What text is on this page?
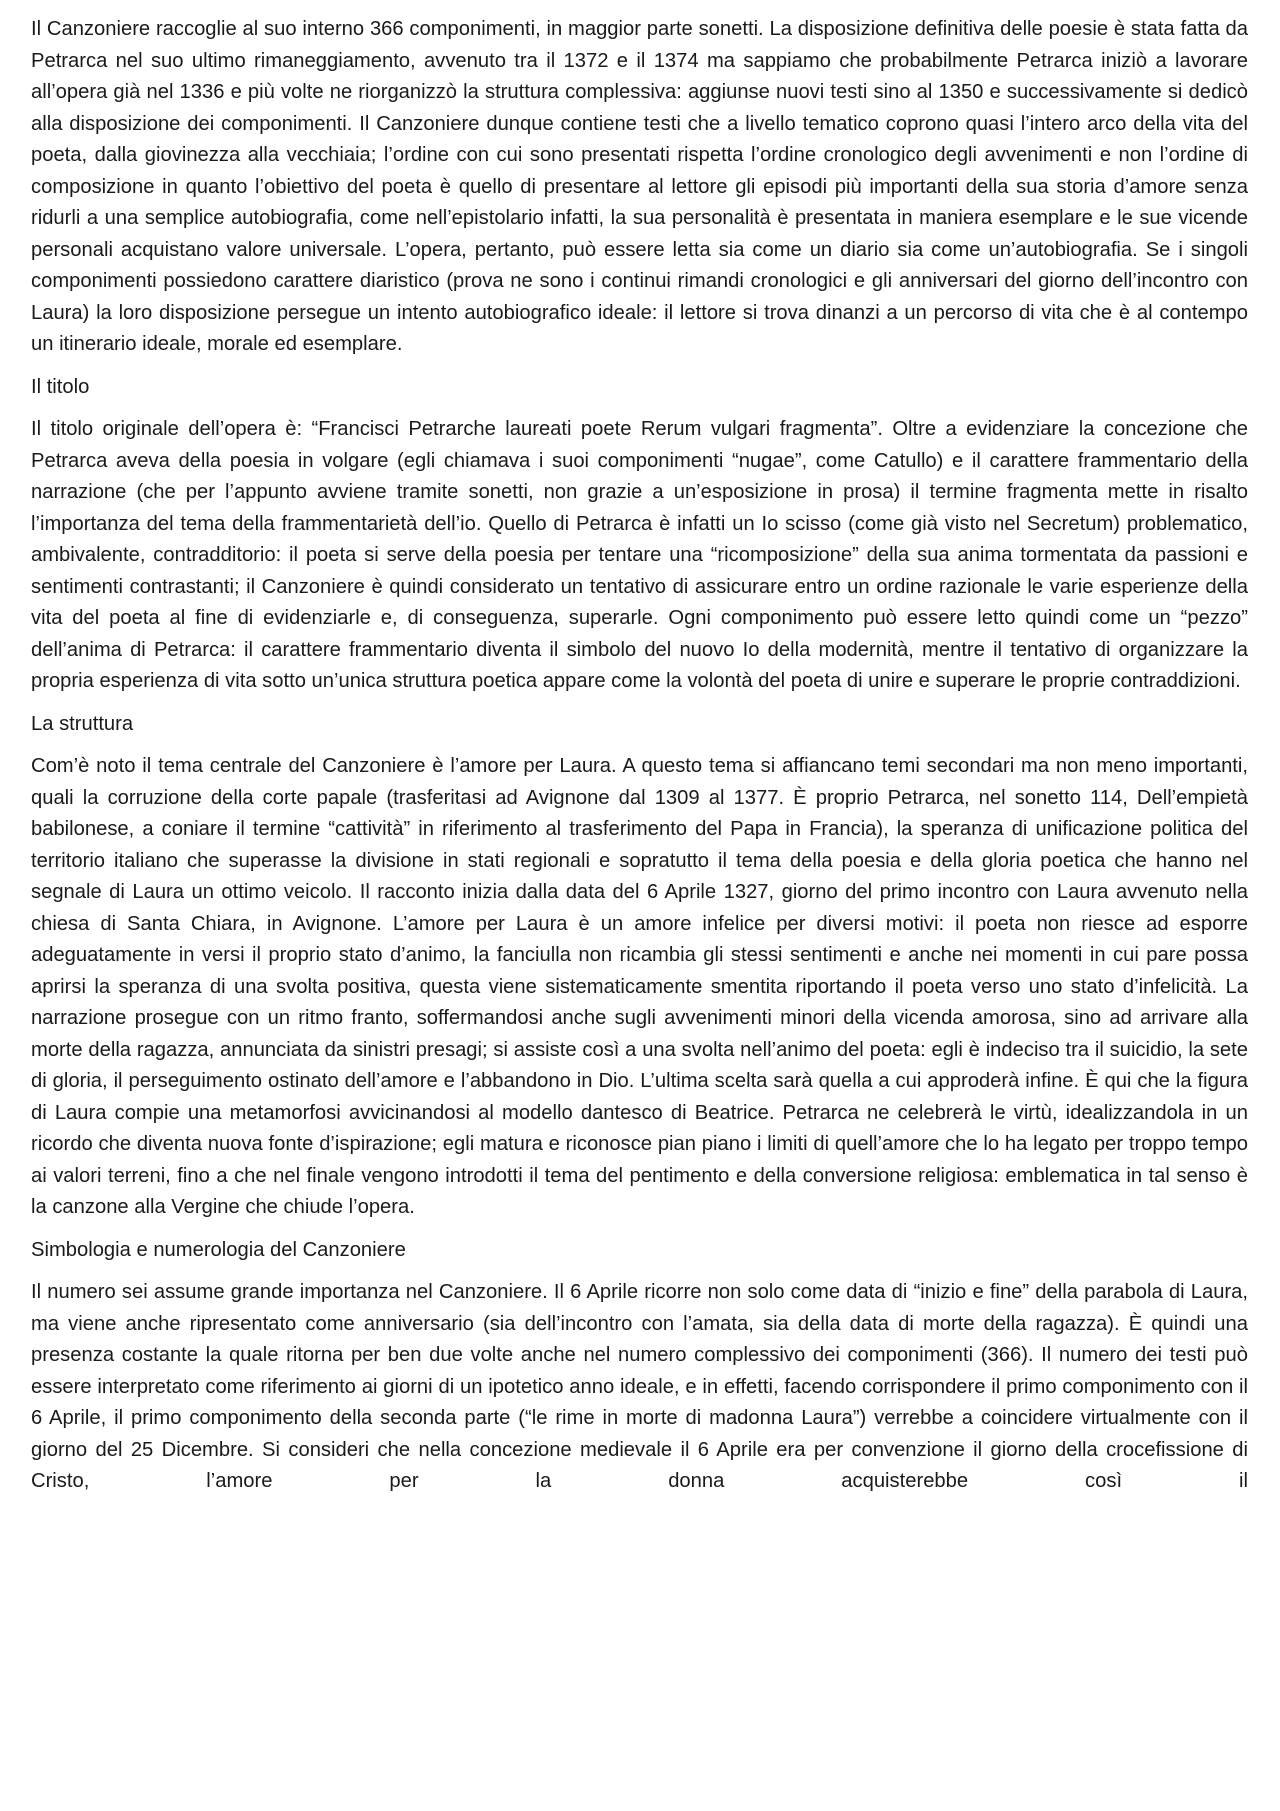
Il Canzoniere raccoglie al suo interno 366 componimenti, in maggior parte sonetti. La disposizione definitiva delle poesie è stata fatta da Petrarca nel suo ultimo rimaneggiamento, avvenuto tra il 1372 e il 1374 ma sappiamo che probabilmente Petrarca iniziò a lavorare all’opera già nel 1336 e più volte ne riorganizzò la struttura complessiva: aggiunse nuovi testi sino al 1350 e successivamente si dedicò alla disposizione dei componimenti. Il Canzoniere dunque contiene testi che a livello tematico coprono quasi l’intero arco della vita del poeta, dalla giovinezza alla vecchiaia; l’ordine con cui sono presentati rispetta l’ordine cronologico degli avvenimenti e non l’ordine di composizione in quanto l’obiettivo del poeta è quello di presentare al lettore gli episodi più importanti della sua storia d’amore senza ridurli a una semplice autobiografia, come nell’epistolario infatti, la sua personalità è presentata in maniera esemplare e le sue vicende personali acquistano valore universale. L’opera, pertanto, può essere letta sia come un diario sia come un’autobiografia. Se i singoli componimenti possiedono carattere diaristico (prova ne sono i continui rimandi cronologici e gli anniversari del giorno dell’incontro con Laura) la loro disposizione persegue un intento autobiografico ideale: il lettore si trova dinanzi a un percorso di vita che è al contempo un itinerario ideale, morale ed esemplare.

Il titolo

Il titolo originale dell’opera è: “Francisci Petrarche laureati poete Rerum vulgari fragmenta”. Oltre a evidenziare la concezione che Petrarca aveva della poesia in volgare (egli chiamava i suoi componimenti “nugae”, come Catullo) e il carattere frammentario della narrazione (che per l’appunto avviene tramite sonetti, non grazie a un’esposizione in prosa) il termine fragmenta mette in risalto l’importanza del tema della frammentarietà dell’io. Quello di Petrarca è infatti un Io scisso (come già visto nel Secretum) problematico, ambivalente, contradditorio: il poeta si serve della poesia per tentare una “ricomposizione” della sua anima tormentata da passioni e sentimenti contrastanti; il Canzoniere è quindi considerato un tentativo di assicurare entro un ordine razionale le varie esperienze della vita del poeta al fine di evidenziarle e, di conseguenza, superarle. Ogni componimento può essere letto quindi come un “pezzo” dell’anima di Petrarca: il carattere frammentario diventa il simbolo del nuovo Io della modernità, mentre il tentativo di organizzare la propria esperienza di vita sotto un’unica struttura poetica appare come la volontà del poeta di unire e superare le proprie contraddizioni.

La struttura

Com’è noto il tema centrale del Canzoniere è l’amore per Laura. A questo tema si affiancano temi secondari ma non meno importanti, quali la corruzione della corte papale (trasferitasi ad Avignone dal 1309 al 1377. È proprio Petrarca, nel sonetto 114, Dell’empietà babilonese, a coniare il termine “cattività” in riferimento al trasferimento del Papa in Francia), la speranza di unificazione politica del territorio italiano che superasse la divisione in stati regionali e sopratutto il tema della poesia e della gloria poetica che hanno nel segnale di Laura un ottimo veicolo. Il racconto inizia dalla data del 6 Aprile 1327, giorno del primo incontro con Laura avvenuto nella chiesa di Santa Chiara, in Avignone. L’amore per Laura è un amore infelice per diversi motivi: il poeta non riesce ad esporre adeguatamente in versi il proprio stato d’animo, la fanciulla non ricambia gli stessi sentimenti e anche nei momenti in cui pare possa aprirsi la speranza di una svolta positiva, questa viene sistematicamente smentita riportando il poeta verso uno stato d’infelicità. La narrazione prosegue con un ritmo franto, soffermandosi anche sugli avvenimenti minori della vicenda amorosa, sino ad arrivare alla morte della ragazza, annunciata da sinistri presagi; si assiste così a una svolta nell’animo del poeta: egli è indeciso tra il suicidio, la sete di gloria, il perseguimento ostinato dell’amore e l’abbandono in Dio. L’ultima scelta sarà quella a cui approderà infine. È qui che la figura di Laura compie una metamorfosi avvicinandosi al modello dantesco di Beatrice. Petrarca ne celebrerà le virtù, idealizzandola in un ricordo che diventa nuova fonte d’ispirazione; egli matura e riconosce pian piano i limiti di quell’amore che lo ha legato per troppo tempo ai valori terreni, fino a che nel finale vengono introdotti il tema del pentimento e della conversione religiosa: emblematica in tal senso è la canzone alla Vergine che chiude l’opera.

Simbologia e numerologia del Canzoniere

Il numero sei assume grande importanza nel Canzoniere. Il 6 Aprile ricorre non solo come data di “inizio e fine” della parabola di Laura, ma viene anche ripresentato come anniversario (sia dell’incontro con l’amata, sia della data di morte della ragazza). È quindi una presenza costante la quale ritorna per ben due volte anche nel numero complessivo dei componimenti (366). Il numero dei testi può essere interpretato come riferimento ai giorni di un ipotetico anno ideale, e in effetti, facendo corrispondere il primo componimento con il 6 Aprile, il primo componimento della seconda parte (“le rime in morte di madonna Laura”) verrebbe a coincidere virtualmente con il giorno del 25 Dicembre. Si consideri che nella concezione medievale il 6 Aprile era per convenzione il giorno della crocefissione di Cristo, l’amore per la donna acquisterebbe così il
